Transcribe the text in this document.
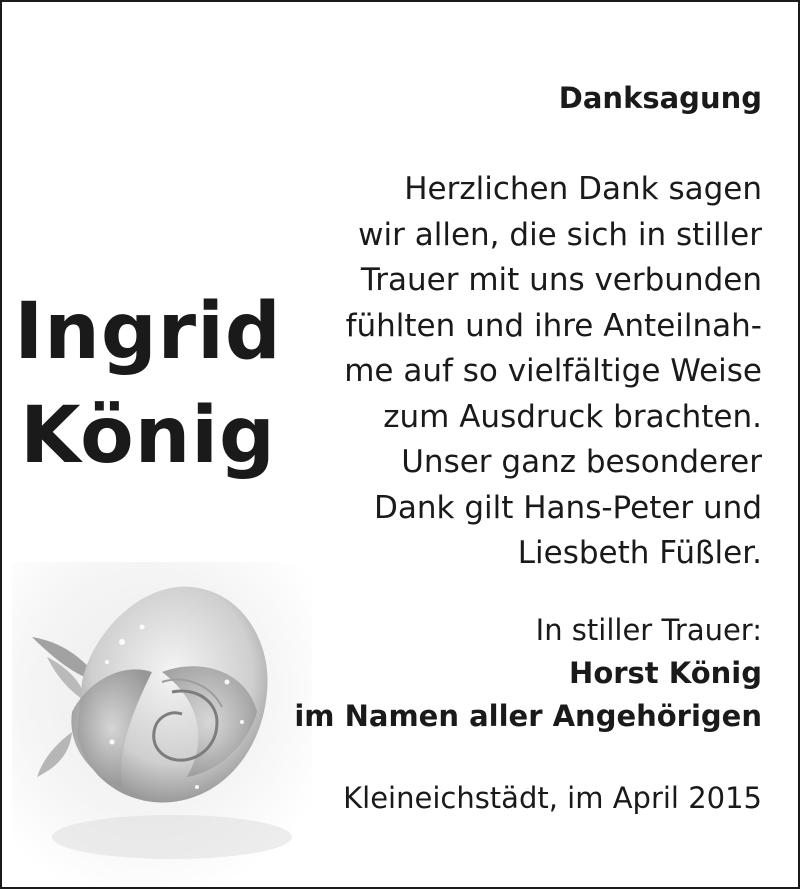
Ingrid
König
Danksagung
Herzlichen Dank sagen
wir allen, die sich in stiller
Trauer mit uns verbunden
fühlten und ihre Anteilnah-
me auf so vielfältige Weise
zum Ausdruck brachten.
Unser ganz besonderer
Dank gilt Hans-Peter und
Liesbeth Füßler.
In stiller Trauer:
Horst König
im Namen aller Angehörigen
Kleineichstädt, im April 2015
